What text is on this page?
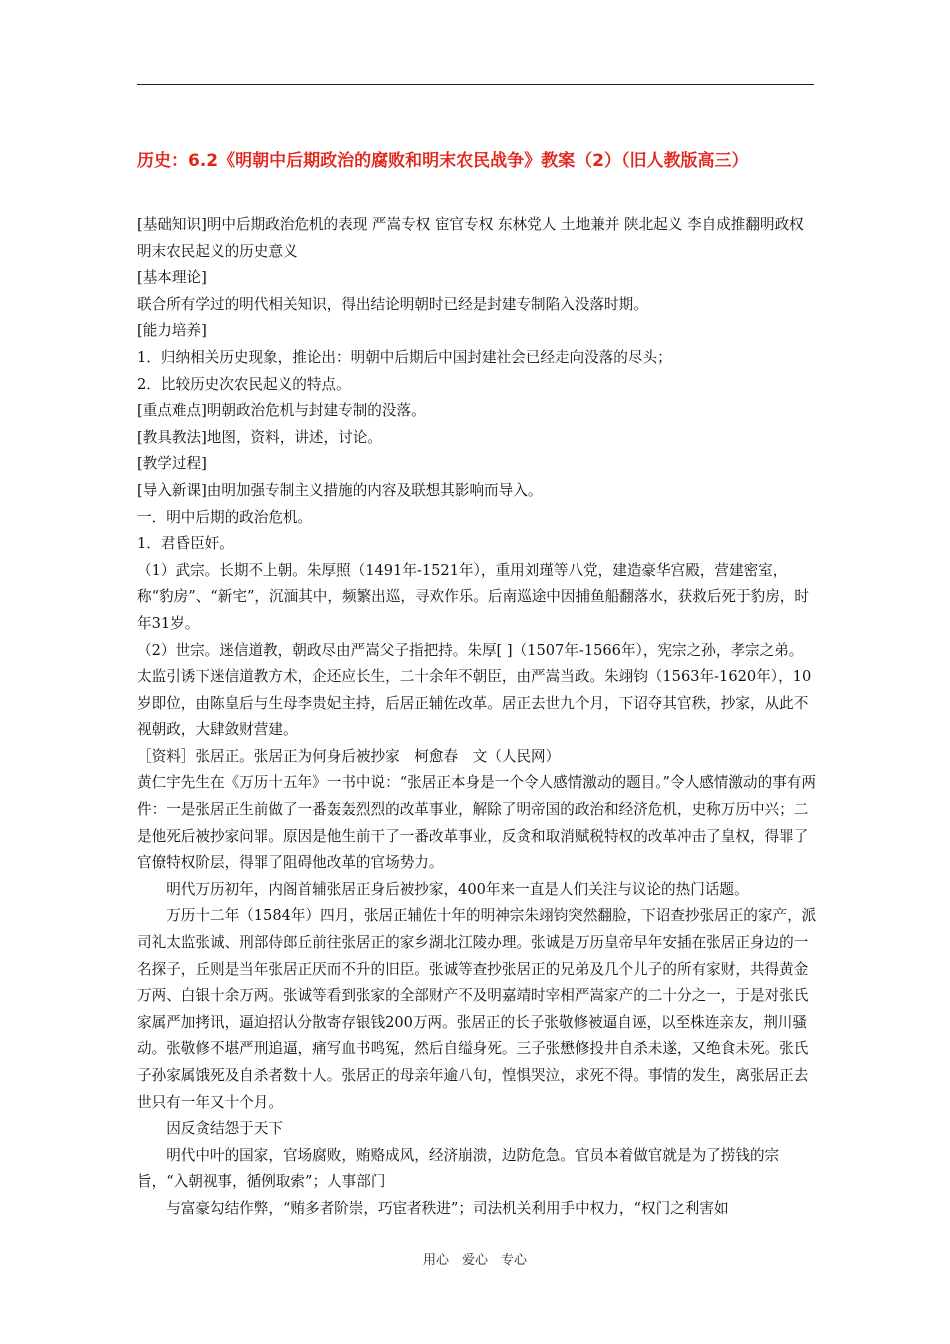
历史：6.2《明朝中后期政治的腐败和明末农民战争》教案（2）（旧人教版高三）

[基础知识]明中后期政治危机的表现 严嵩专权 宦官专权 东林党人 土地兼并 陕北起义 李自成推翻明政权 明末农民起义的历史意义

[基本理论]

联合所有学过的明代相关知识，得出结论明朝时已经是封建专制陷入没落时期。

[能力培养]

1．归纳相关历史现象，推论出：明朝中后期后中国封建社会已经走向没落的尽头；

2．比较历史次农民起义的特点。

[重点难点]明朝政治危机与封建专制的没落。

[教具教法]地图，资料，讲述，讨论。

[教学过程]

[导入新课]由明加强专制主义措施的内容及联想其影响而导入。

一．明中后期的政治危机。

1．君昏臣奸。

（1）武宗。长期不上朝。朱厚照（1491年-1521年），重用刘瑾等八党，建造豪华宫殿，营建密室，称“豹房”、“新宅”，沉湎其中，频繁出巡，寻欢作乐。后南巡途中因捕鱼船翻落水，获救后死于豹房，时年31岁。

（2）世宗。迷信道教，朝政尽由严嵩父子指把持。朱厚[ ]（1507年-1566年），宪宗之孙，孝宗之弟。太监引诱下迷信道教方术，企还应长生，二十余年不朝臣，由严嵩当政。朱翊钧（1563年-1620年），10岁即位，由陈皇后与生母李贵妃主持，后居正辅佐改革。居正去世九个月，下诏夺其官秩，抄家，从此不视朝政，大肆敛财营建。

［资料］张居正。张居正为何身后被抄家　柯愈春　文（人民网）

黄仁宇先生在《万历十五年》一书中说：“张居正本身是一个令人感情激动的题目。”令人感情激动的事有两件：一是张居正生前做了一番轰轰烈烈的改革事业，解除了明帝国的政治和经济危机，史称万历中兴；二是他死后被抄家问罪。原因是他生前干了一番改革事业，反贪和取消赋税特权的改革冲击了皇权，得罪了官僚特权阶层，得罪了阻碍他改革的官场势力。

明代万历初年，内阁首辅张居正身后被抄家，400年来一直是人们关注与议论的热门话题。

万历十二年（1584年）四月，张居正辅佐十年的明神宗朱翊钧突然翻脸，下诏查抄张居正的家产，派司礼太监张诚、刑部侍郎丘前往张居正的家乡湖北江陵办理。张诚是万历皇帝早年安插在张居正身边的一名探子，丘则是当年张居正厌而不升的旧臣。张诚等查抄张居正的兄弟及几个儿子的所有家财，共得黄金万两、白银十余万两。张诚等看到张家的全部财产不及明嘉靖时宰相严嵩家产的二十分之一，于是对张氏家属严加拷讯，逼迫招认分散寄存银钱200万两。张居正的长子张敬修被逼自诬，以至株连亲友，荆川骚动。张敬修不堪严刑追逼，痛写血书鸣冤，然后自缢身死。三子张懋修投井自杀未遂，又绝食未死。张氏子孙家属饿死及自杀者数十人。张居正的母亲年逾八旬，惶惧哭泣，求死不得。事情的发生，离张居正去世只有一年又十个月。

因反贪结怨于天下

明代中叶的国家，官场腐败，贿赂成风，经济崩溃，边防危急。官员本着做官就是为了捞钱的宗旨，“入朝视事，循例取索”；人事部门

与富豪勾结作弊，“贿多者阶崇，巧宦者秩进”；司法机关利用手中权力，“权门之利害如

用心　爱心　专心
